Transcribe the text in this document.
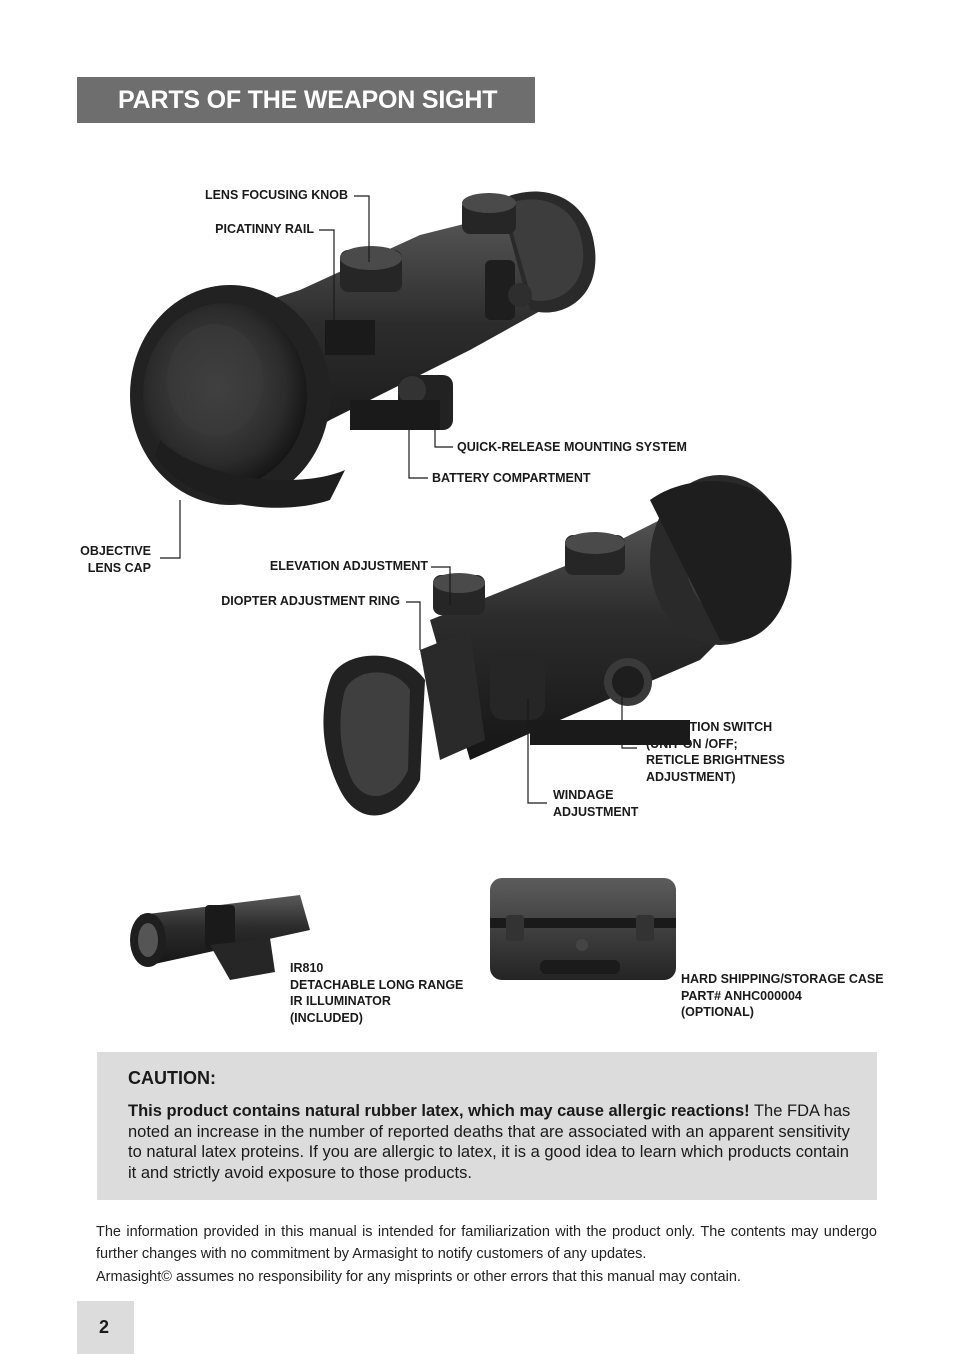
PARTS OF THE WEAPON SIGHT
LENS FOCUSING KNOB
PICATINNY RAIL
QUICK-RELEASE MOUNTING SYSTEM
BATTERY COMPARTMENT
OBJECTIVE
LENS CAP	ELEVATION ADJUSTMENT
DIOPTER ADJUSTMENT RING
OPERATION SWITCH
(UNIT ON /OFF;
RETICLE BRIGHTNESS
ADJUSTMENT)
WINDAGE
ADJUSTMENT
IR810
DETACHABLE LONG RANGE
IR ILLUMINATOR
(INCLUDED)
HARD SHIPPING/STORAGE CASE
PART# ANHC000004
(OPTIONAL)
CAUTION:

This product contains natural rubber latex, which may cause allergic reactions! The FDA has noted an increase in the number of reported deaths that are associated with an apparent sensitivity to natural latex proteins. If you are allergic to latex, it is a good idea to learn which products contain it and strictly avoid exposure to those products.

The information provided in this manual is intended for familiarization with the product only. The contents may undergo further changes with no commitment by Armasight to notify customers of any updates.

Armasight© assumes no responsibility for any misprints or other errors that this manual may contain.

2
